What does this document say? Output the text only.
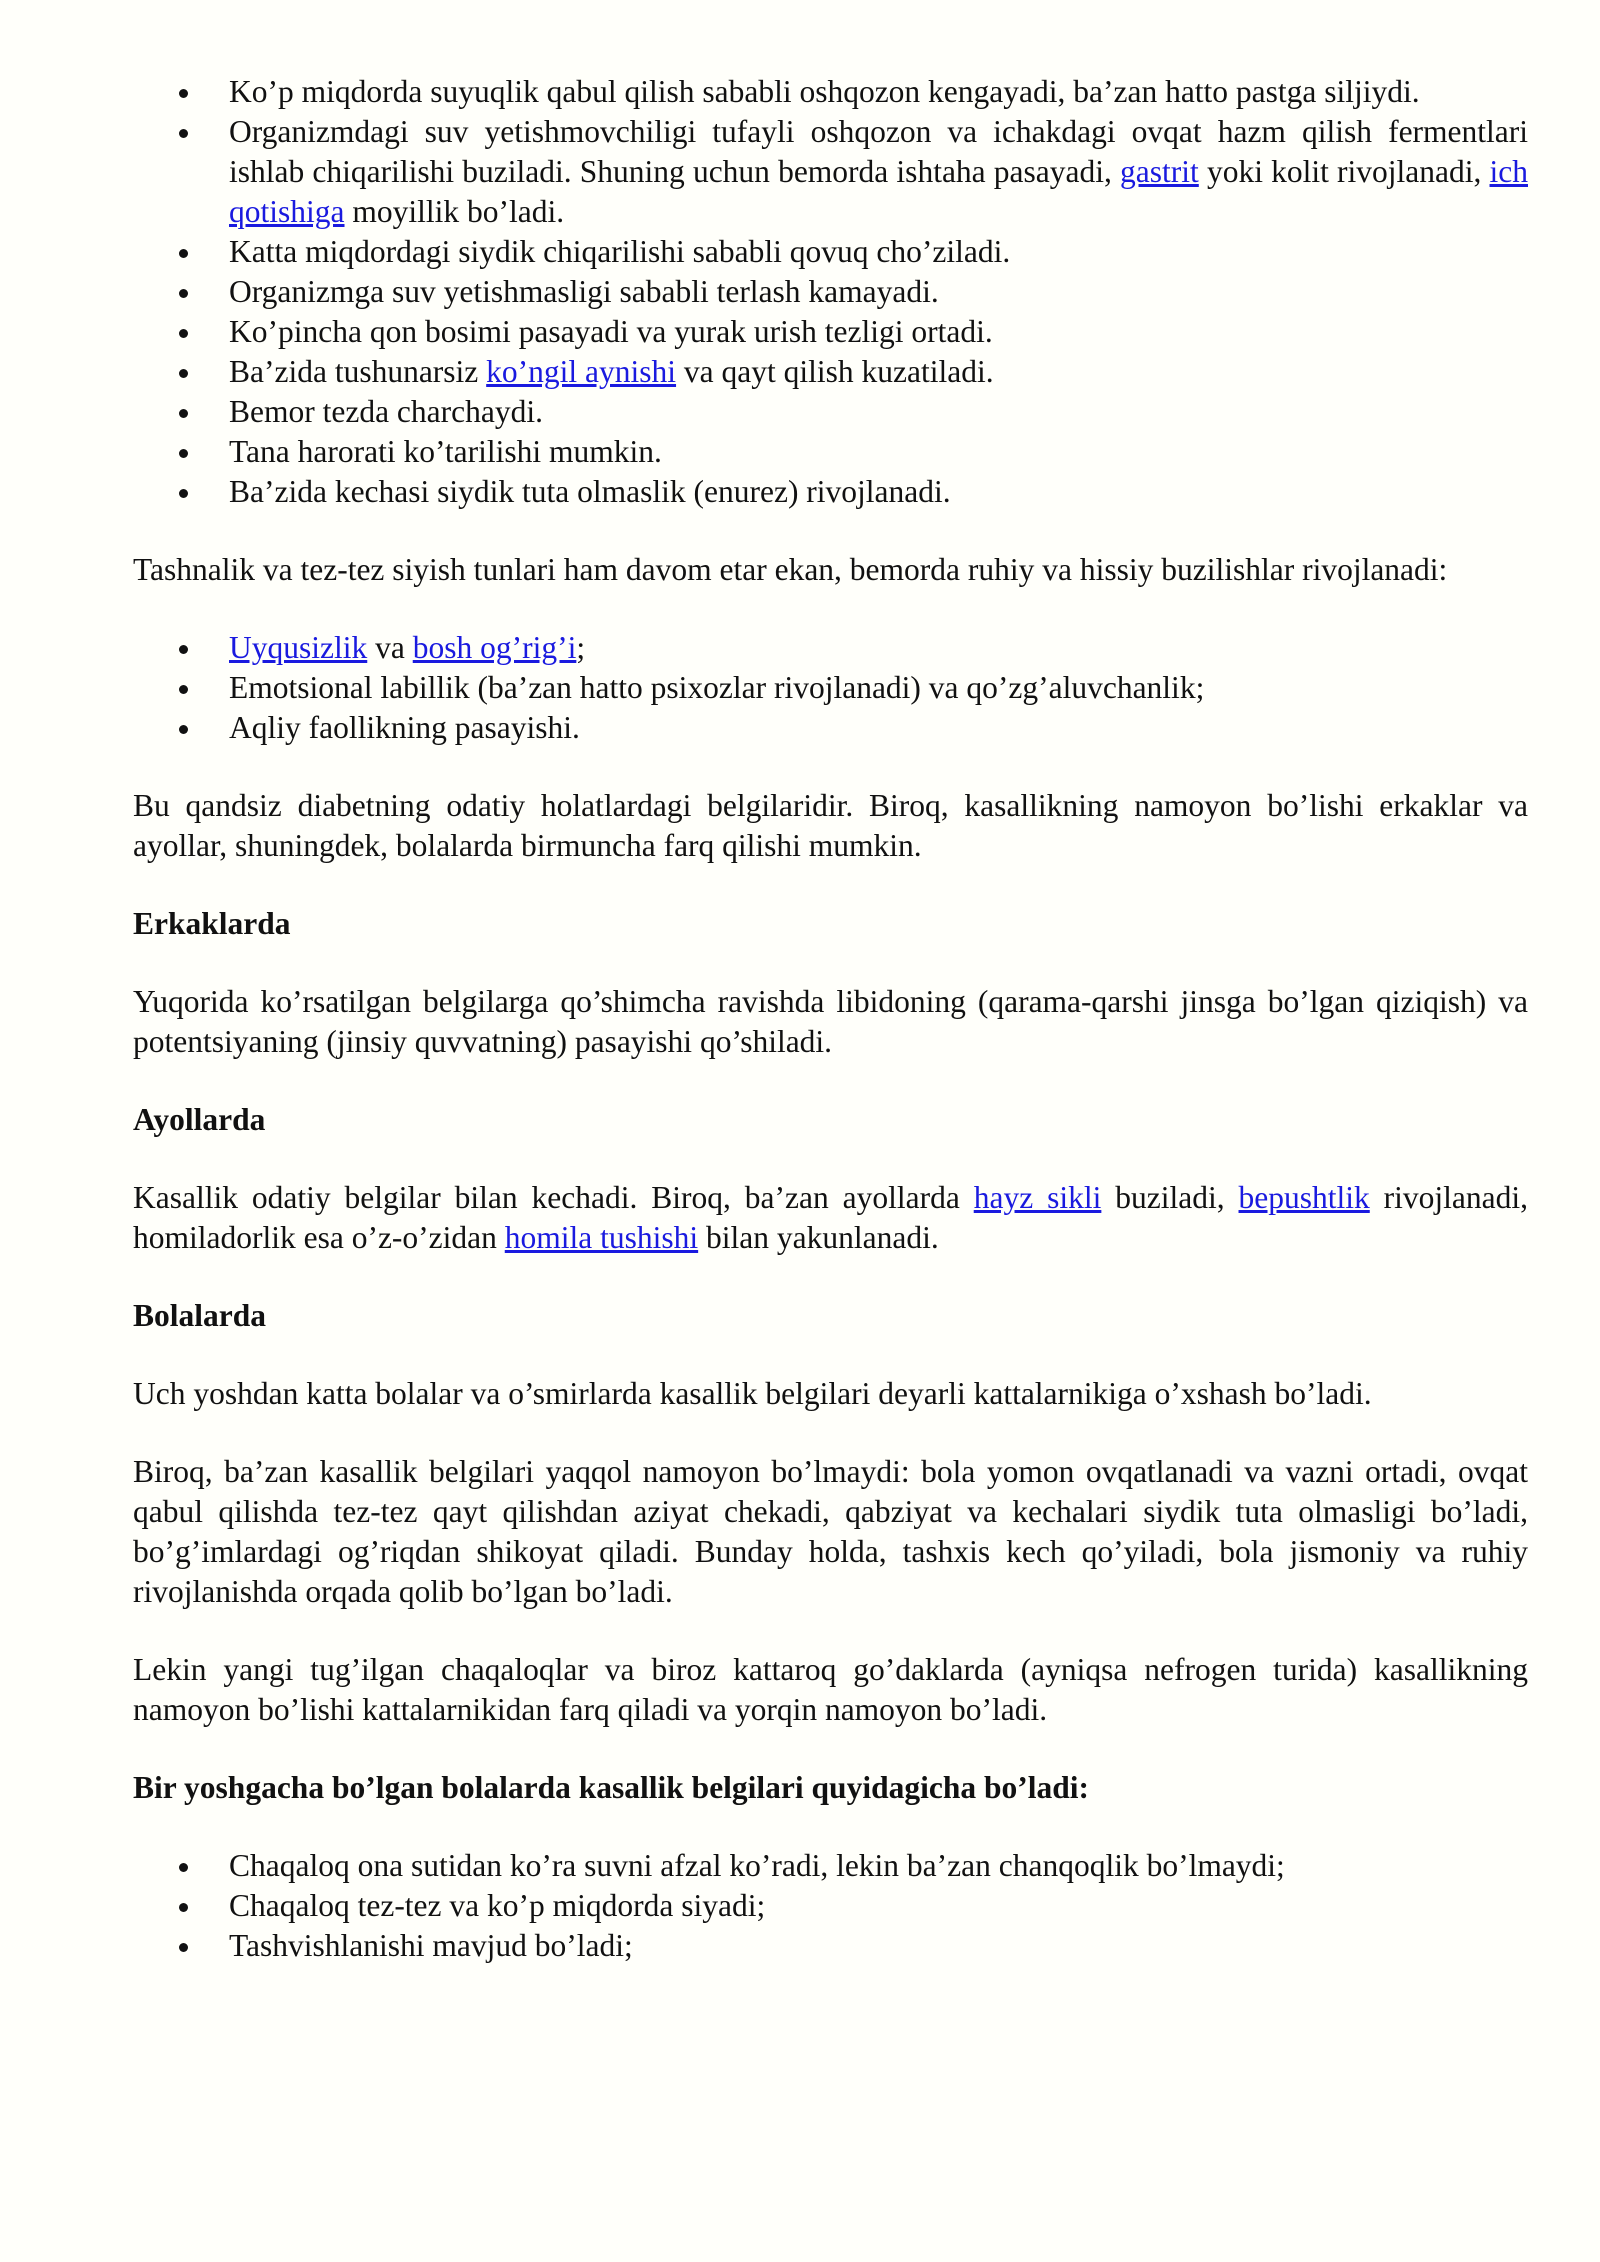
Ko’p miqdorda suyuqlik qabul qilish sababli oshqozon kengayadi, ba’zan hatto pastga siljiydi.
Organizmdagi suv yetishmovchiligi tufayli oshqozon va ichakdagi ovqat hazm qilish fermentlari ishlab chiqarilishi buziladi. Shuning uchun bemorda ishtaha pasayadi, gastrit yoki kolit rivojlanadi, ich qotishiga moyillik bo’ladi.
Katta miqdordagi siydik chiqarilishi sababli qovuq cho’ziladi.
Organizmga suv yetishmasligi sababli terlash kamayadi.
Ko’pincha qon bosimi pasayadi va yurak urish tezligi ortadi.
Ba’zida tushunarsiz ko’ngil aynishi va qayt qilish kuzatiladi.
Bemor tezda charchaydi.
Tana harorati ko’tarilishi mumkin.
Ba’zida kechasi siydik tuta olmaslik (enurez) rivojlanadi.

Tashnalik va tez-tez siyish tunlari ham davom etar ekan, bemorda ruhiy va hissiy buzilishlar rivojlanadi:

Uyqusizlik va bosh og’rig’i;
Emotsional labillik (ba’zan hatto psixozlar rivojlanadi) va qo’zg’aluvchanlik;
Aqliy faollikning pasayishi.

Bu qandsiz diabetning odatiy holatlardagi belgilaridir. Biroq, kasallikning namoyon bo’lishi erkaklar va ayollar, shuningdek, bolalarda birmuncha farq qilishi mumkin.

Erkaklarda

Yuqorida ko’rsatilgan belgilarga qo’shimcha ravishda libidoning (qarama-qarshi jinsga bo’lgan qiziqish) va potentsiyaning (jinsiy quvvatning) pasayishi qo’shiladi.

Ayollarda

Kasallik odatiy belgilar bilan kechadi. Biroq, ba’zan ayollarda hayz sikli buziladi, bepushtlik rivojlanadi, homiladorlik esa o’z-o’zidan homila tushishi bilan yakunlanadi.

Bolalarda

Uch yoshdan katta bolalar va o’smirlarda kasallik belgilari deyarli kattalarnikiga o’xshash bo’ladi.

Biroq, ba’zan kasallik belgilari yaqqol namoyon bo’lmaydi: bola yomon ovqatlanadi va vazni ortadi, ovqat qabul qilishda tez-tez qayt qilishdan aziyat chekadi, qabziyat va kechalari siydik tuta olmasligi bo’ladi, bo’g’imlardagi og’riqdan shikoyat qiladi. Bunday holda, tashxis kech qo’yiladi, bola jismoniy va ruhiy rivojlanishda orqada qolib bo’lgan bo’ladi.

Lekin yangi tug’ilgan chaqaloqlar va biroz kattaroq go’daklarda (ayniqsa nefrogen turida) kasallikning namoyon bo’lishi kattalarnikidan farq qiladi va yorqin namoyon bo’ladi.

Bir yoshgacha bo’lgan bolalarda kasallik belgilari quyidagicha bo’ladi:
Chaqaloq ona sutidan ko’ra suvni afzal ko’radi, lekin ba’zan chanqoqlik bo’lmaydi;
Chaqaloq tez-tez va ko’p miqdorda siyadi;
Tashvishlanishi mavjud bo’ladi;
